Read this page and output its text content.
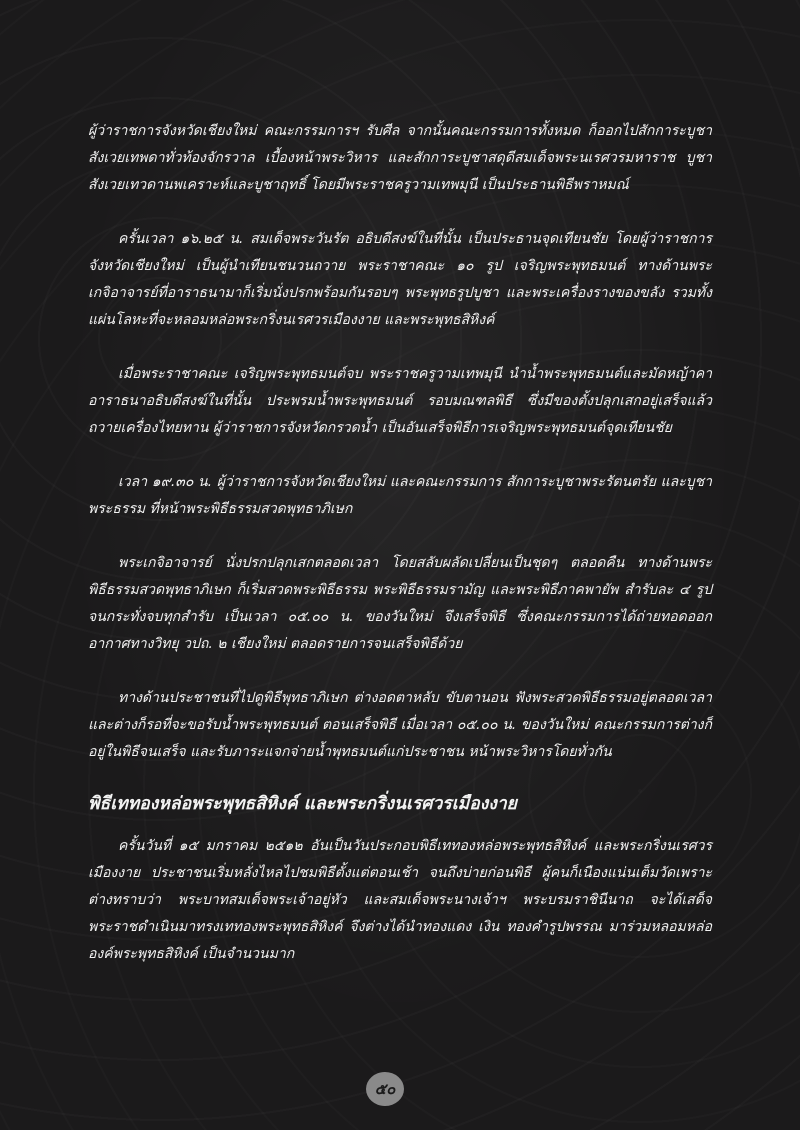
ผู้ว่าราชการจังหวัดเชียงใหม่ คณะกรรมการฯ รับศีล จากนั้นคณะกรรมการทั้งหมด ก็ออกไปสักการะบูชาสังเวยเทพดาทั่วท้องจักรวาล เบื้องหน้าพระวิหาร และสักการะบูชาสดุดีสมเด็จพระนเรศวรมหาราช บูชาสังเวยเทวดานพเคราะห์และบูชาฤทธิ์ โดยมีพระราชครูวามเทพมุนี เป็นประธานพิธีพราหมณ์

ครั้นเวลา ๑๖.๒๕ น. สมเด็จพระวันรัต อธิบดีสงฆ์ในที่นั้น เป็นประธานจุดเทียนชัย โดยผู้ว่าราชการจังหวัดเชียงใหม่ เป็นผู้นำเทียนชนวนถวาย พระราชาคณะ ๑๐ รูป เจริญพระพุทธมนต์ ทางด้านพระเกจิอาจารย์ที่อาราธนามาก็เริ่มนั่งปรกพร้อมกันรอบๆ พระพุทธรูปบูชา และพระเครื่องรางของขลัง รวมทั้งแผ่นโลหะที่จะหลอมหล่อพระกริ่งนเรศวรเมืองงาย และพระพุทธสิหิงค์

เมื่อพระราชาคณะ เจริญพระพุทธมนต์จบ พระราชครูวามเทพมุนี นำน้ำพระพุทธมนต์และมัดหญ้าคา อาราธนาอธิบดีสงฆ์ในที่นั้น ประพรมน้ำพระพุทธมนต์ รอบมณฑลพิธี ซึ่งมีของตั้งปลุกเสกอยู่เสร็จแล้วถวายเครื่องไทยทาน ผู้ว่าราชการจังหวัดกรวดน้ำ เป็นอันเสร็จพิธีการเจริญพระพุทธมนต์จุดเทียนชัย

เวลา ๑๙.๓๐ น. ผู้ว่าราชการจังหวัดเชียงใหม่ และคณะกรรมการ สักการะบูชาพระรัตนตรัย และบูชาพระธรรม ที่หน้าพระพิธีธรรมสวดพุทธาภิเษก

พระเกจิอาจารย์ นั่งปรกปลุกเสกตลอดเวลา โดยสลับผลัดเปลี่ยนเป็นชุดๆ ตลอดคืน ทางด้านพระพิธีธรรมสวดพุทธาภิเษก ก็เริ่มสวดพระพิธีธรรม พระพิธีธรรมรามัญ และพระพิธีภาคพายัพ สำรับละ ๔ รูป จนกระทั่งจบทุกสำรับ เป็นเวลา ๐๕.๐๐ น. ของวันใหม่ จึงเสร็จพิธี ซึ่งคณะกรรมการได้ถ่ายทอดออกอากาศทางวิทยุ วปถ. ๒ เชียงใหม่ ตลอดรายการจนเสร็จพิธีด้วย

ทางด้านประชาชนที่ไปดูพิธีพุทธาภิเษก ต่างอดตาหลับ ขับตานอน ฟังพระสวดพิธีธรรมอยู่ตลอดเวลา และต่างก็รอที่จะขอรับน้ำพระพุทธมนต์ ตอนเสร็จพิธี เมื่อเวลา ๐๕.๐๐ น. ของวันใหม่ คณะกรรมการต่างก็อยู่ในพิธีจนเสร็จ และรับภาระแจกจ่ายน้ำพุทธมนต์แก่ประชาชน หน้าพระวิหารโดยทั่วกัน

พิธีเททองหล่อพระพุทธสิหิงค์ และพระกริ่งนเรศวรเมืองงาย

ครั้นวันที่ ๑๕ มกราคม ๒๕๑๒ อันเป็นวันประกอบพิธีเททองหล่อพระพุทธสิหิงค์ และพระกริ่งนเรศวรเมืองงาย ประชาชนเริ่มหลั่งไหลไปชมพิธีตั้งแต่ตอนเช้า จนถึงบ่ายก่อนพิธี ผู้คนก็เนืองแน่นเต็มวัดเพราะต่างทราบว่า พระบาทสมเด็จพระเจ้าอยู่หัว และสมเด็จพระนางเจ้าฯ พระบรมราชินีนาถ จะได้เสด็จพระราชดำเนินมาทรงเททองพระพุทธสิหิงค์ จึงต่างได้นำทองแดง เงิน ทองคำรูปพรรณ มาร่วมหลอมหล่อองค์พระพุทธสิหิงค์ เป็นจำนวนมาก

๕๐
